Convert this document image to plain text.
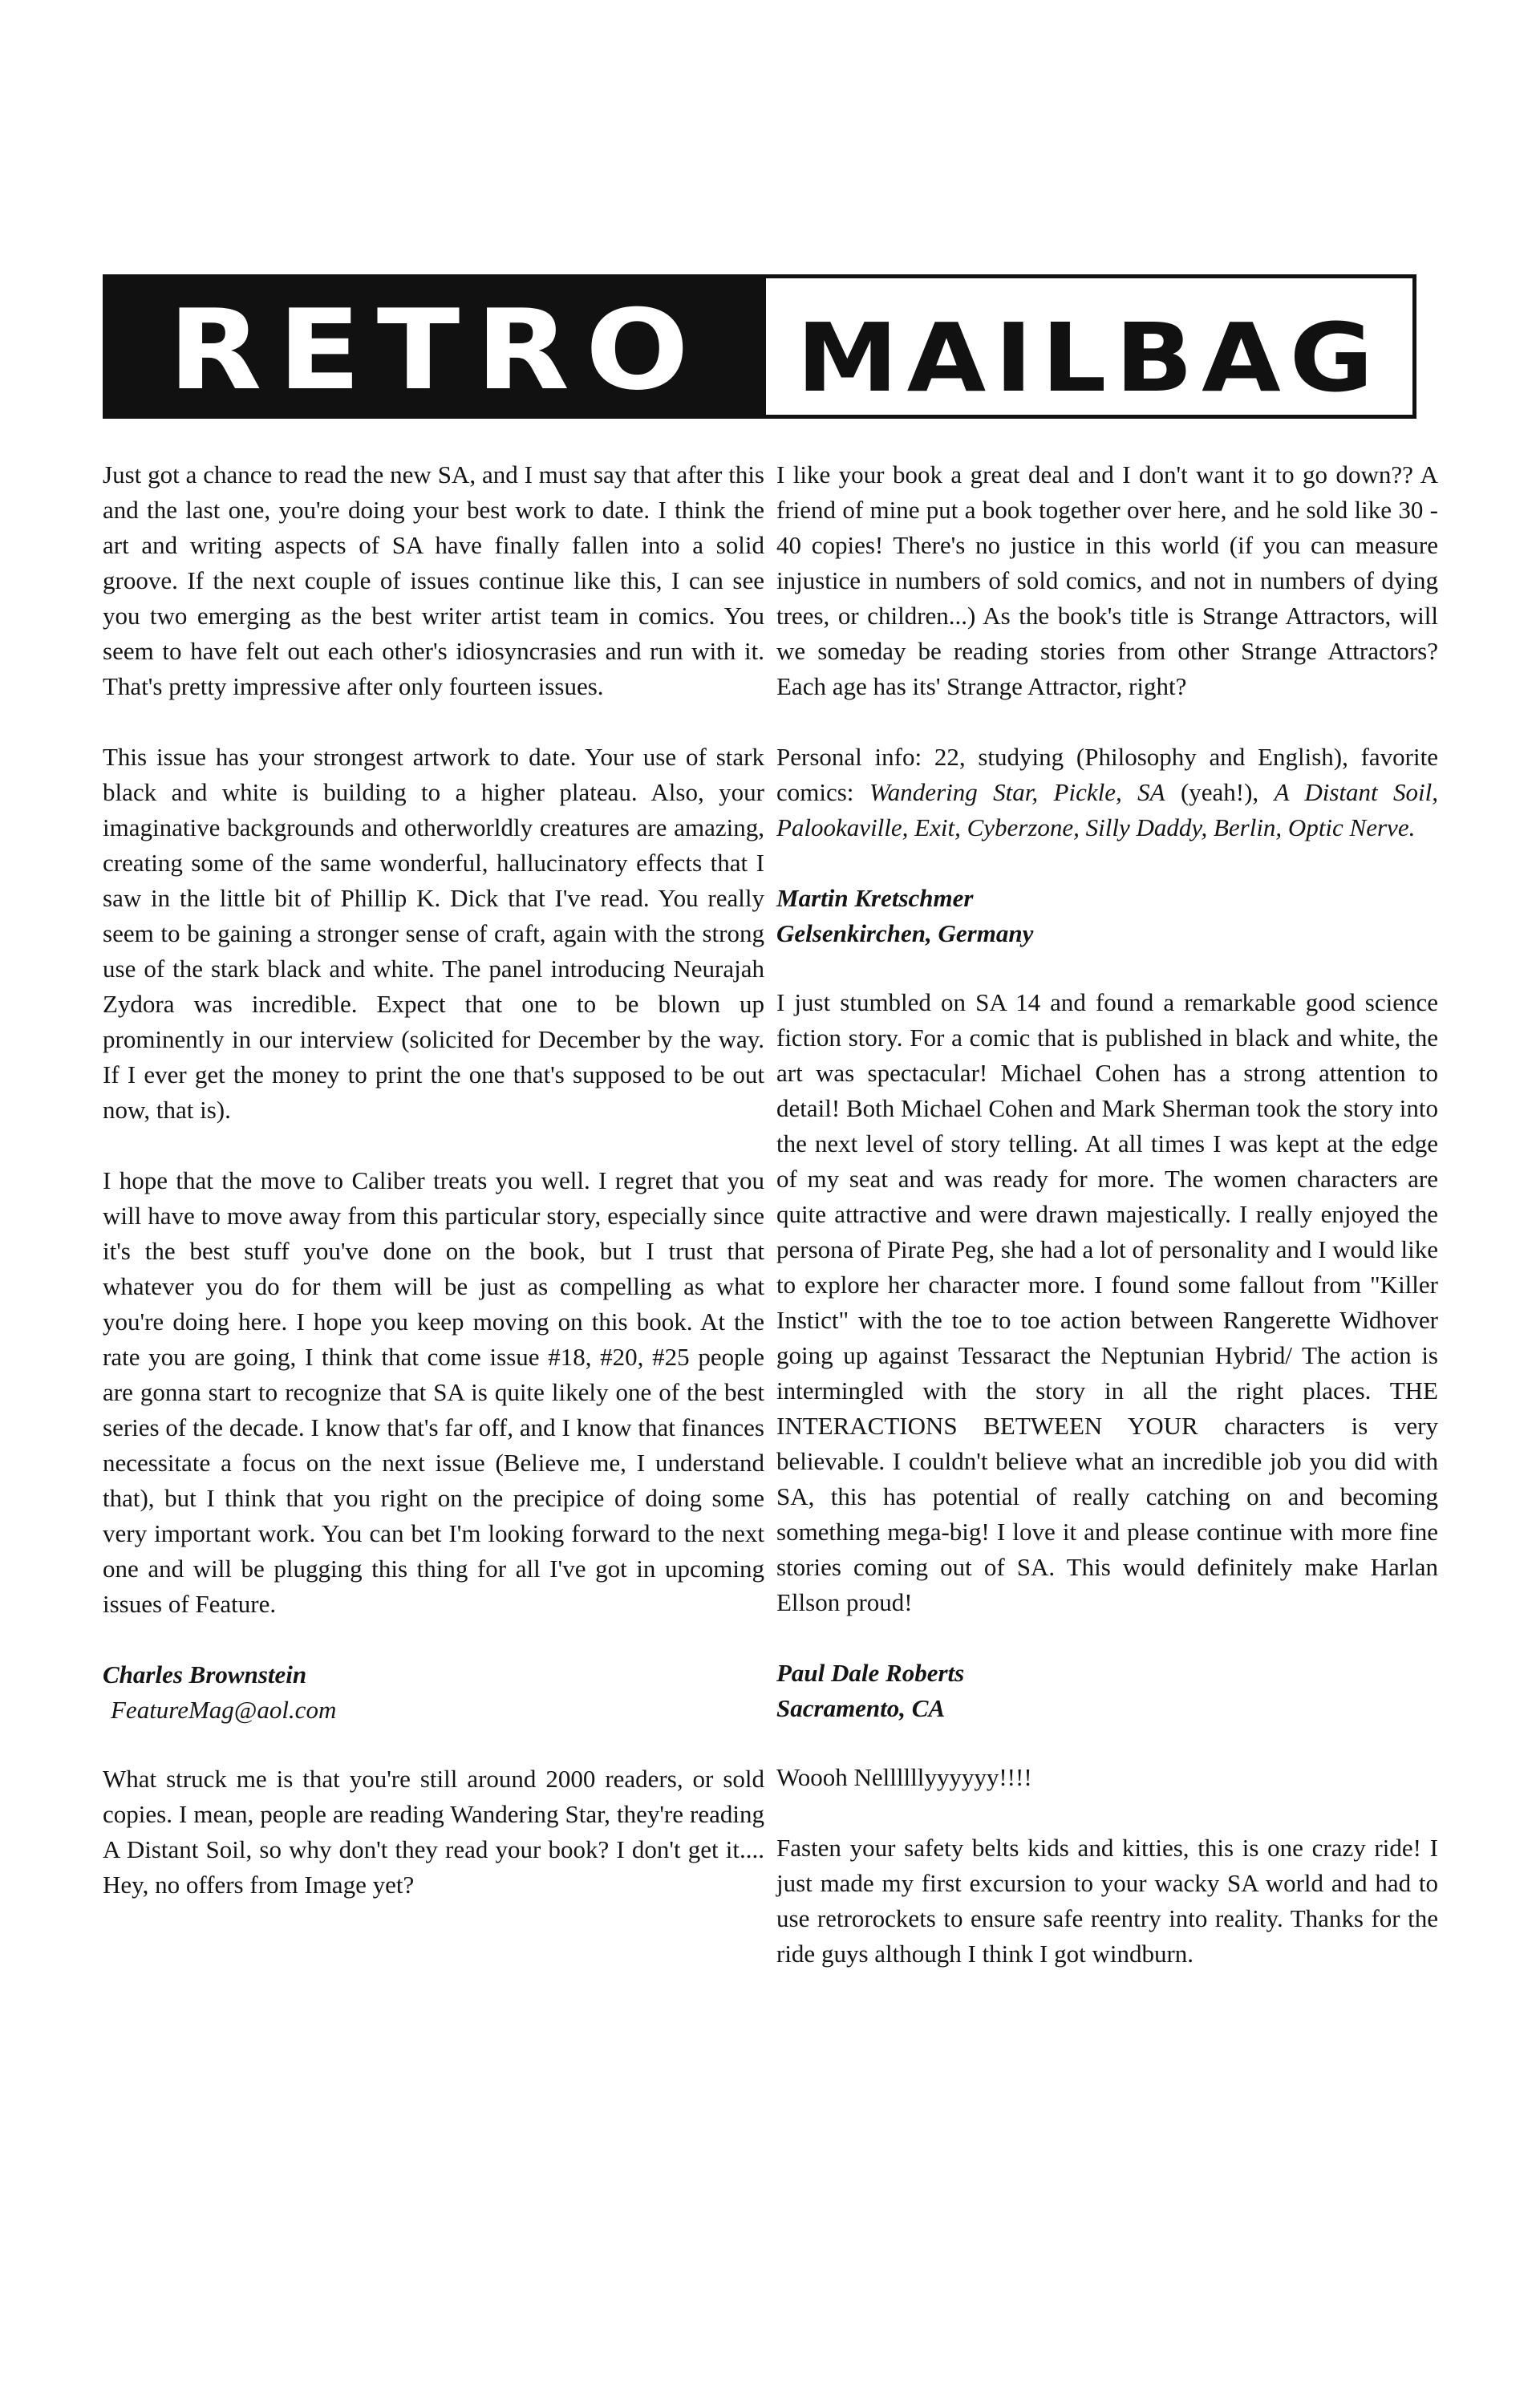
RETRO MAILBAG

Just got a chance to read the new SA, and I must say that after this and the last one, you're doing your best work to date. I think the art and writing aspects of SA have finally fallen into a solid groove. If the next couple of issues continue like this, I can see you two emerging as the best writer artist team in comics. You seem to have felt out each other's idiosyncrasies and run with it. That's pretty impressive after only fourteen issues.

This issue has your strongest artwork to date. Your use of stark black and white is building to a higher plateau. Also, your imaginative backgrounds and otherworldly creatures are amazing, creating some of the same wonderful, hallucinatory effects that I saw in the little bit of Phillip K. Dick that I've read. You really seem to be gaining a stronger sense of craft, again with the strong use of the stark black and white. The panel introducing Neurajah Zydora was incredible. Expect that one to be blown up prominently in our interview (solicited for December by the way. If I ever get the money to print the one that's supposed to be out now, that is).

I hope that the move to Caliber treats you well. I regret that you will have to move away from this particular story, especially since it's the best stuff you've done on the book, but I trust that whatever you do for them will be just as compelling as what you're doing here. I hope you keep moving on this book. At the rate you are going, I think that come issue #18, #20, #25 people are gonna start to recognize that SA is quite likely one of the best series of the decade. I know that's far off, and I know that finances necessitate a focus on the next issue (Believe me, I understand that), but I think that you right on the precipice of doing some very important work. You can bet I'm looking forward to the next one and will be plugging this thing for all I've got in upcoming issues of Feature.

Charles Brownstein
FeatureMag@aol.com

What struck me is that you're still around 2000 readers, or sold copies. I mean, people are reading Wandering Star, they're reading A Distant Soil, so why don't they read your book? I don't get it.... Hey, no offers from Image yet?

I like your book a great deal and I don't want it to go down?? A friend of mine put a book together over here, and he sold like 30 - 40 copies! There's no justice in this world (if you can measure injustice in numbers of sold comics, and not in numbers of dying trees, or children...) As the book's title is Strange Attractors, will we someday be reading stories from other Strange Attractors? Each age has its' Strange Attractor, right?

Personal info: 22, studying (Philosophy and English), favorite comics: Wandering Star, Pickle, SA (yeah!), A Distant Soil, Palookaville, Exit, Cyberzone, Silly Daddy, Berlin, Optic Nerve.

Martin Kretschmer
Gelsenkirchen, Germany

I just stumbled on SA 14 and found a remarkable good science fiction story. For a comic that is published in black and white, the art was spectacular! Michael Cohen has a strong attention to detail! Both Michael Cohen and Mark Sherman took the story into the next level of story telling. At all times I was kept at the edge of my seat and was ready for more. The women characters are quite attractive and were drawn majestically. I really enjoyed the persona of Pirate Peg, she had a lot of personality and I would like to explore her character more. I found some fallout from "Killer Instict" with the toe to toe action between Rangerette Widhover going up against Tessaract the Neptunian Hybrid/ The action is intermingled with the story in all the right places. THE INTERACTIONS BETWEEN YOUR characters is very believable. I couldn't believe what an incredible job you did with SA, this has potential of really catching on and becoming something mega-big! I love it and please continue with more fine stories coming out of SA. This would definitely make Harlan Ellson proud!

Paul Dale Roberts
Sacramento, CA

Woooh Nellllllyyyyyy!!!!

Fasten your safety belts kids and kitties, this is one crazy ride! I just made my first excursion to your wacky SA world and had to use retrorockets to ensure safe reentry into reality. Thanks for the ride guys although I think I got windburn.
